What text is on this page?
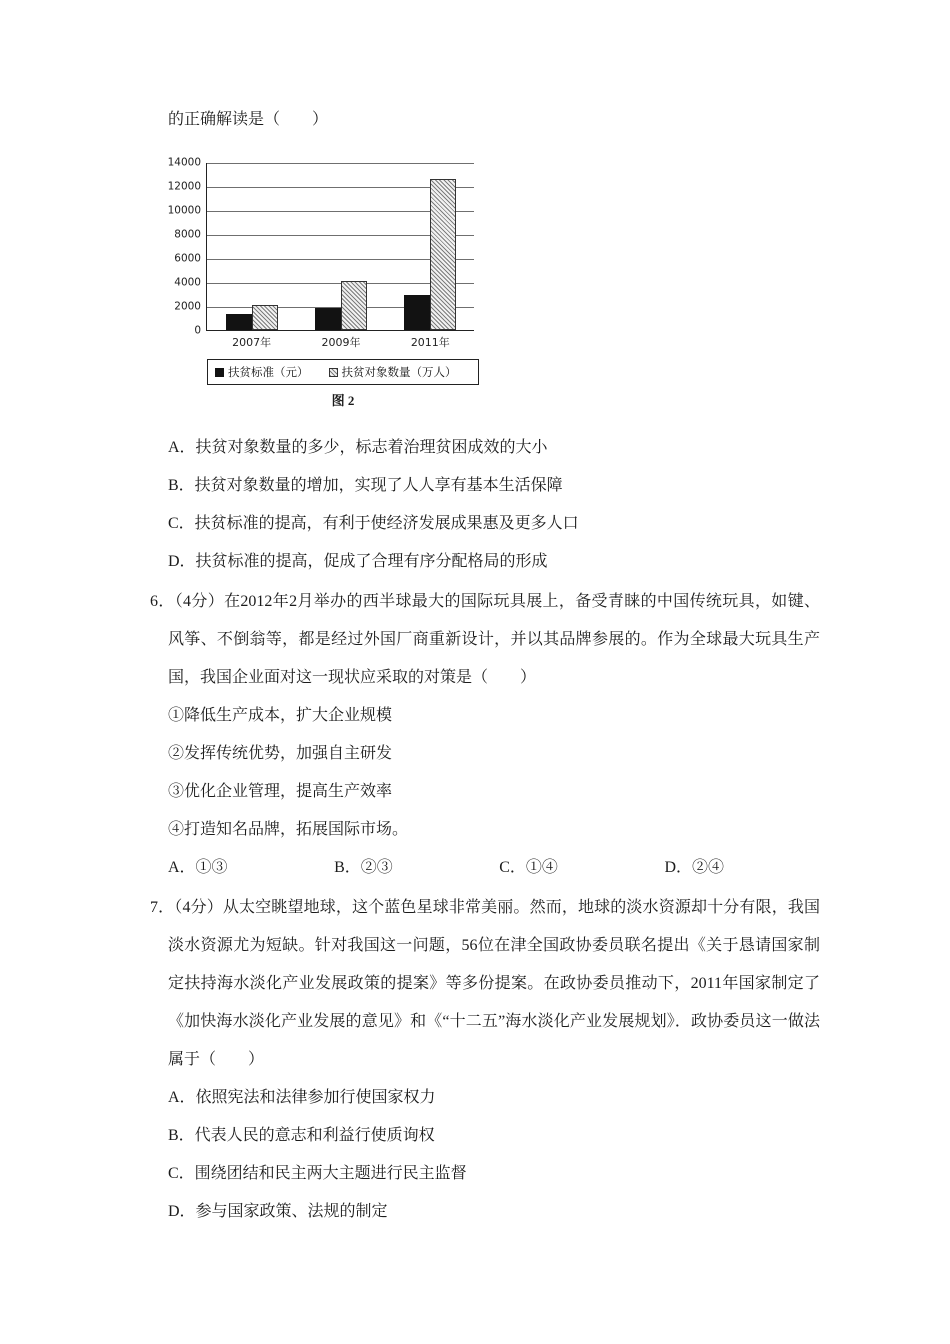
的正确解读是（　　）
14000
12000
10000
8000
6000
4000
2000
0
2007年	2009年	2011年
扶贫标准（元）	扶贫对象数量（万人）
图 2
A．扶贫对象数量的多少，标志着治理贫困成效的大小
B．扶贫对象数量的增加，实现了人人享有基本生活保障
C．扶贫标准的提高，有利于使经济发展成果惠及更多人口
D．扶贫标准的提高，促成了合理有序分配格局的形成

6．（4分）在2012年2月举办的西半球最大的国际玩具展上，备受青睐的中国传统玩具，如键、风筝、不倒翁等，都是经过外国厂商重新设计，并以其品牌参展的。作为全球最大玩具生产国，我国企业面对这一现状应采取的对策是（　　）

①降低生产成本，扩大企业规模
②发挥传统优势，加强自主研发
③优化企业管理，提高生产效率
④打造知名品牌，拓展国际市场。
A．①③	B．②③	C．①④	D．②④

7．（4分）从太空眺望地球，这个蓝色星球非常美丽。然而，地球的淡水资源却十分有限，我国淡水资源尤为短缺。针对我国这一问题，56位在津全国政协委员联名提出《关于恳请国家制定扶持海水淡化产业发展政策的提案》等多份提案。在政协委员推动下，2011年国家制定了《加快海水淡化产业发展的意见》和《“十二五”海水淡化产业发展规划》．政协委员这一做法属于（　　）

A．依照宪法和法律参加行使国家权力
B．代表人民的意志和利益行使质询权
C．围绕团结和民主两大主题进行民主监督
D．参与国家政策、法规的制定
